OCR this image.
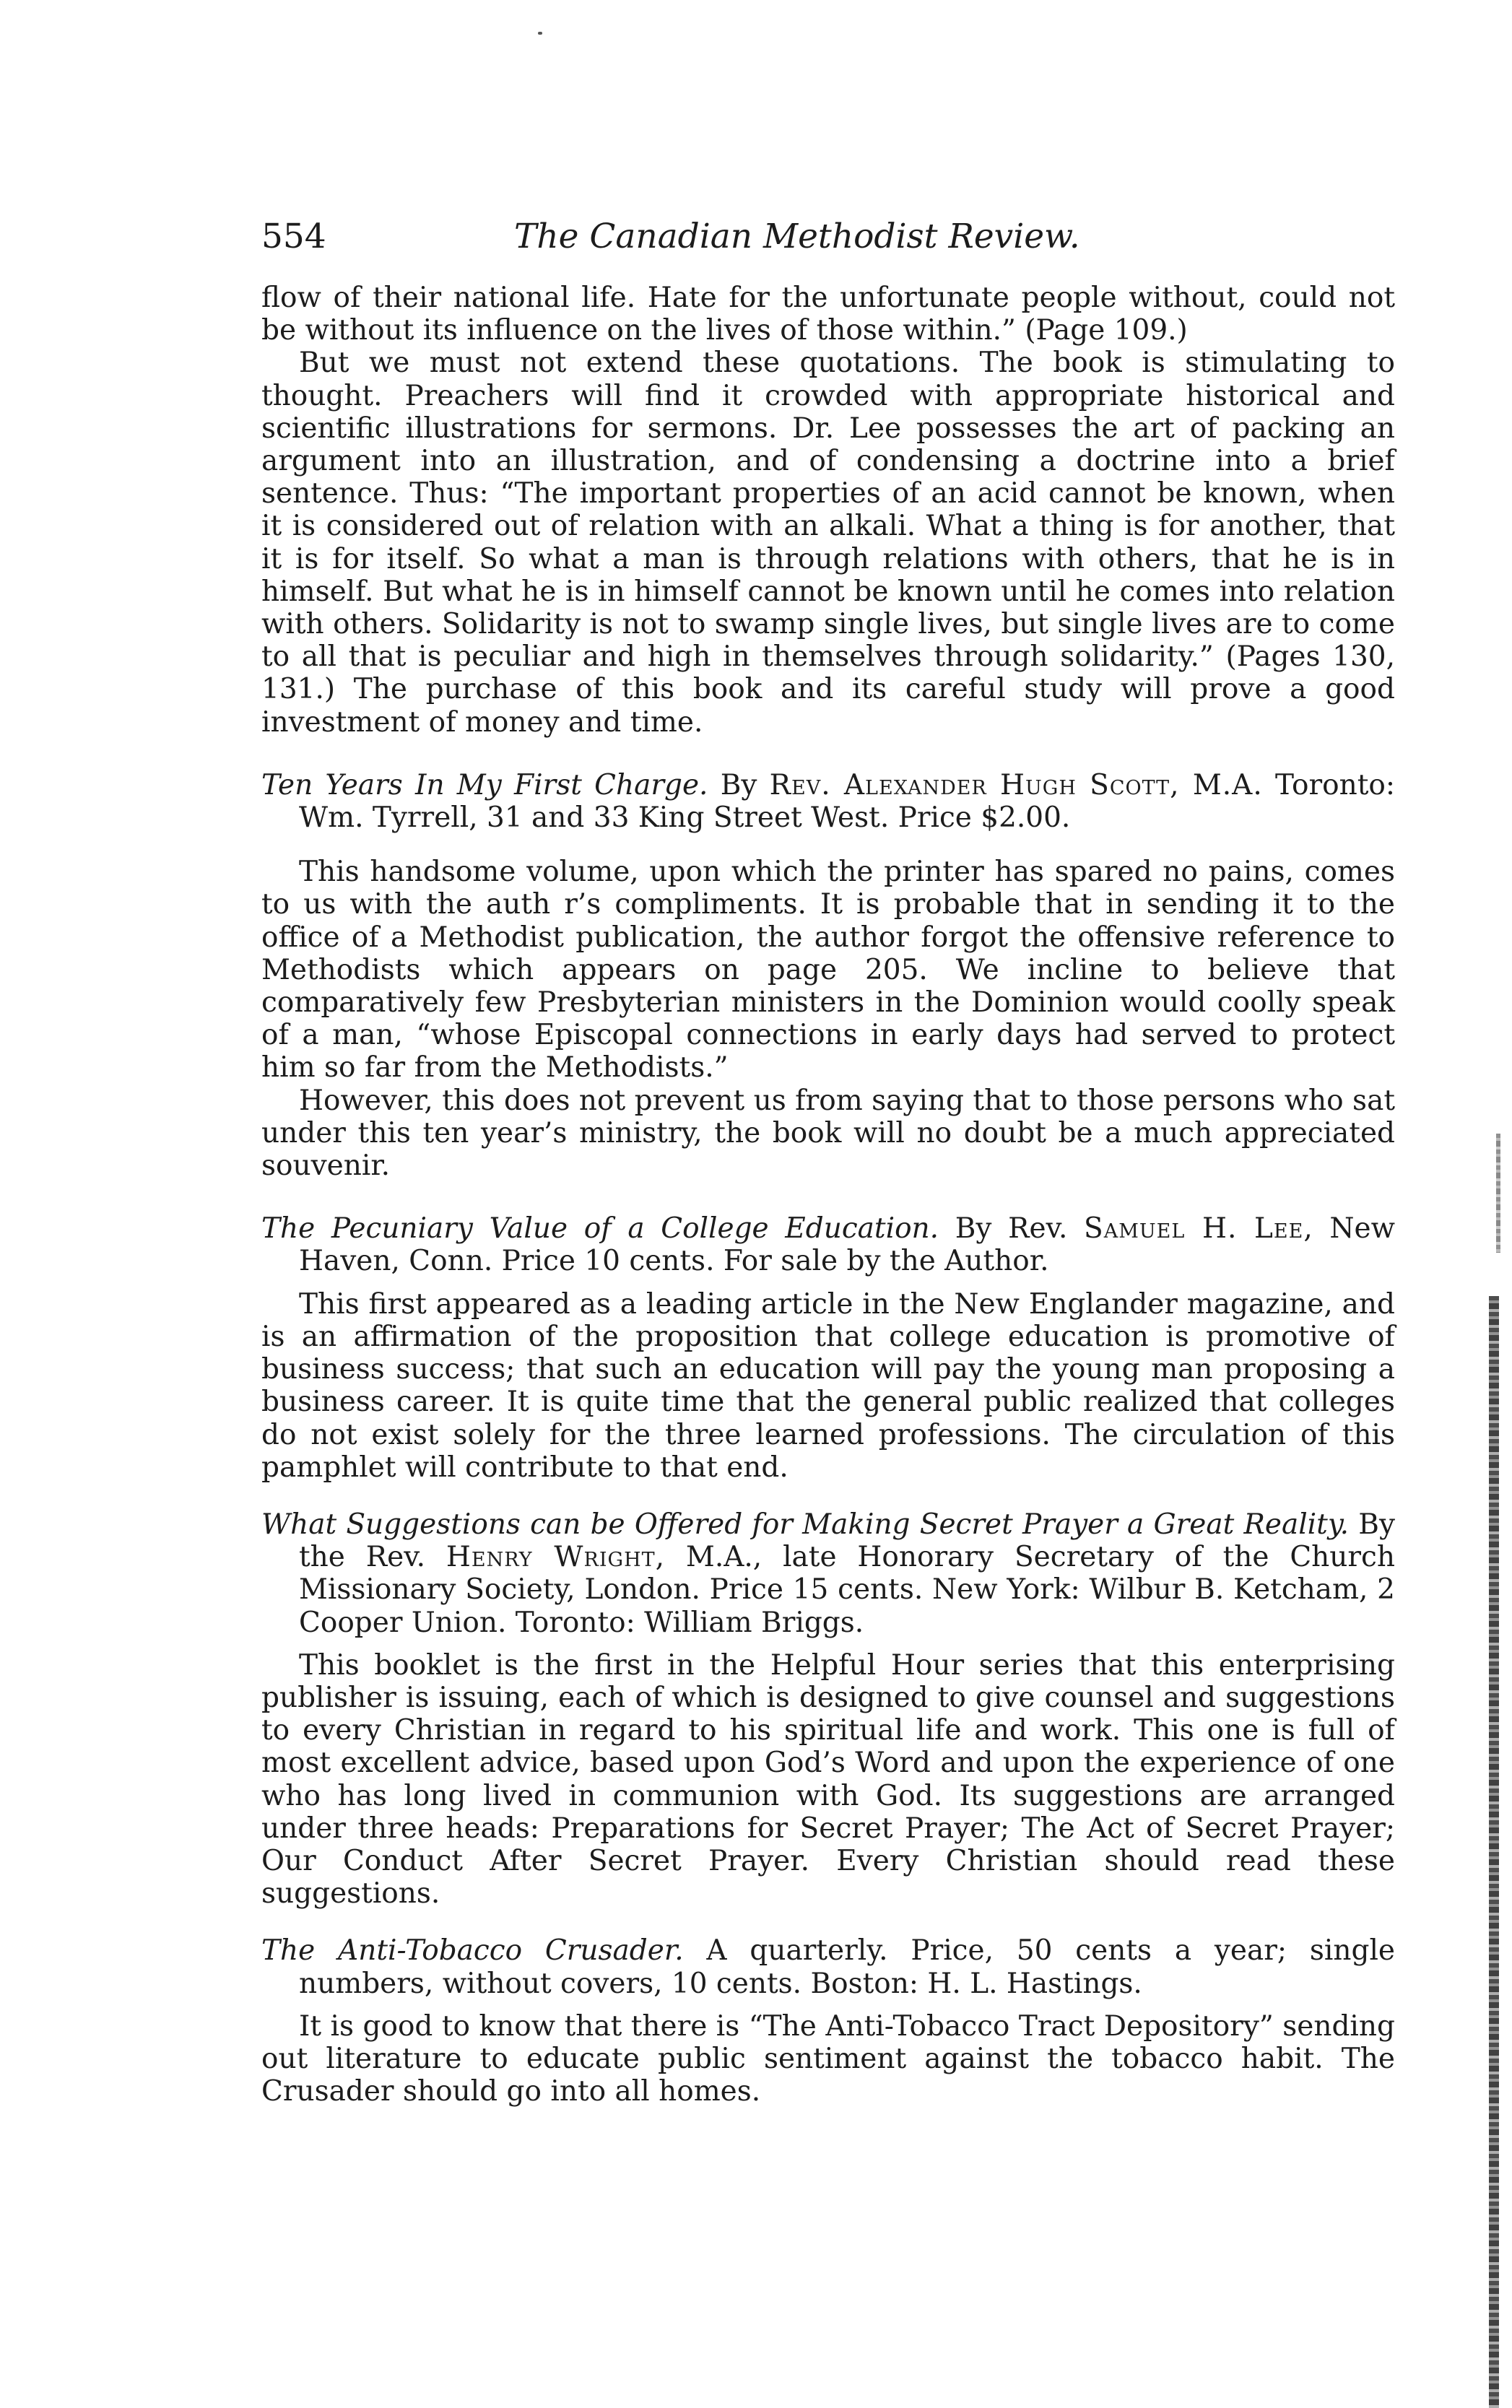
554	The Canadian Methodist Review.

flow of their national life. Hate for the unfortunate people without, could not be without its influence on the lives of those within.” (Page 109.)

But we must not extend these quotations. The book is stimulating to thought. Preachers will find it crowded with appropriate historical and scientific illustrations for sermons. Dr. Lee possesses the art of packing an argument into an illustration, and of condensing a doctrine into a brief sentence. Thus: “The important properties of an acid cannot be known, when it is considered out of relation with an alkali. What a thing is for another, that it is for itself. So what a man is through relations with others, that he is in himself. But what he is in himself cannot be known until he comes into relation with others. Solidarity is not to swamp single lives, but single lives are to come to all that is peculiar and high in themselves through solidarity.” (Pages 130, 131.) The purchase of this book and its careful study will prove a good investment of money and time.

Ten Years In My First Charge. By Rev. Alexander Hugh Scott, M.A. Toronto: Wm. Tyrrell, 31 and 33 King Street West. Price $2.00.

This handsome volume, upon which the printer has spared no pains, comes to us with the auth r’s compliments. It is probable that in sending it to the office of a Methodist publication, the author forgot the offensive reference to Methodists which appears on page 205. We incline to believe that comparatively few Presbyterian ministers in the Dominion would coolly speak of a man, “whose Episcopal connections in early days had served to protect him so far from the Methodists.”

However, this does not prevent us from saying that to those persons who sat under this ten year’s ministry, the book will no doubt be a much appreciated souvenir.

The Pecuniary Value of a College Education. By Rev. Samuel H. Lee, New Haven, Conn. Price 10 cents. For sale by the Author.

This first appeared as a leading article in the New Englander magazine, and is an affirmation of the proposition that college education is promotive of business success; that such an education will pay the young man proposing a business career. It is quite time that the general public realized that colleges do not exist solely for the three learned professions. The circulation of this pamphlet will contribute to that end.

What Suggestions can be Offered for Making Secret Prayer a Great Reality. By the Rev. Henry Wright, M.A., late Honorary Secretary of the Church Missionary Society, London. Price 15 cents. New York: Wilbur B. Ketcham, 2 Cooper Union. Toronto: William Briggs.

This booklet is the first in the Helpful Hour series that this enterprising publisher is issuing, each of which is designed to give counsel and suggestions to every Christian in regard to his spiritual life and work. This one is full of most excellent advice, based upon God’s Word and upon the experience of one who has long lived in communion with God. Its suggestions are arranged under three heads: Preparations for Secret Prayer; The Act of Secret Prayer; Our Conduct After Secret Prayer. Every Christian should read these suggestions.

The Anti-Tobacco Crusader. A quarterly. Price, 50 cents a year; single numbers, without covers, 10 cents. Boston: H. L. Hastings.

It is good to know that there is “The Anti-Tobacco Tract Depository” sending out literature to educate public sentiment against the tobacco habit. The Crusader should go into all homes.
